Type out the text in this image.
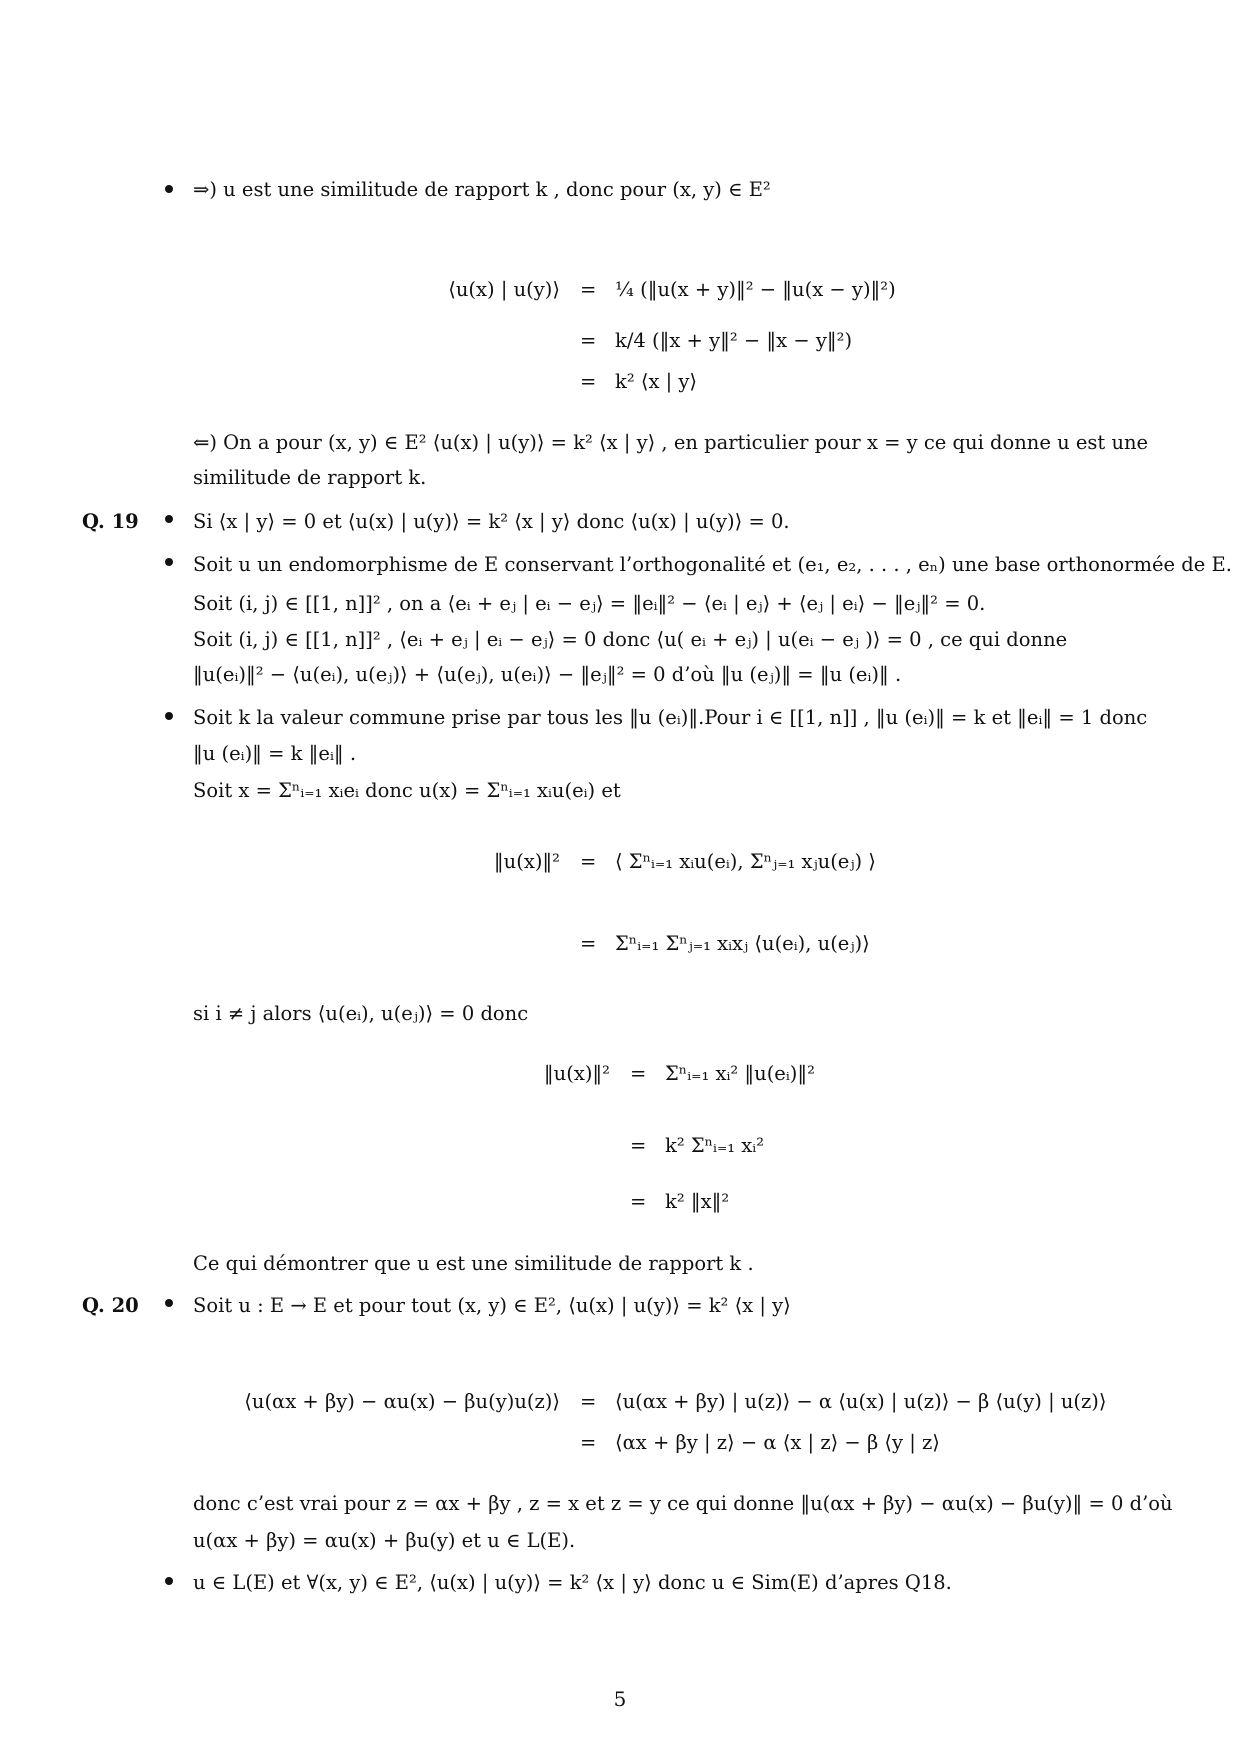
⇒) u est une similitude de rapport k , donc pour (x, y) ∈ E²
⟨u(x) | u(y)⟩ = ¼ (‖u(x + y)‖² − ‖u(x − y)‖²)
= k/4 (‖x + y‖² − ‖x − y‖²)
= k² ⟨x | y⟩
⇐) On a pour (x, y) ∈ E² ⟨u(x) | u(y)⟩ = k² ⟨x | y⟩ , en particulier pour x = y ce qui donne u est une
similitude de rapport k.
Q. 19	Si ⟨x | y⟩ = 0 et ⟨u(x) | u(y)⟩ = k² ⟨x | y⟩ donc ⟨u(x) | u(y)⟩ = 0.
Soit u un endomorphisme de E conservant l’orthogonalité et (e₁, e₂, . . . , eₙ) une base orthonormée de E.
Soit (i, j) ∈ [[1, n]]² , on a ⟨eᵢ + eⱼ | eᵢ − eⱼ⟩ = ‖eᵢ‖² − ⟨eᵢ | eⱼ⟩ + ⟨eⱼ | eᵢ⟩ − ‖eⱼ‖² = 0.
Soit (i, j) ∈ [[1, n]]² , ⟨eᵢ + eⱼ | eᵢ − eⱼ⟩ = 0 donc ⟨u( eᵢ + eⱼ) | u(eᵢ − eⱼ )⟩ = 0 , ce qui donne
‖u(eᵢ)‖² − ⟨u(eᵢ), u(eⱼ)⟩ + ⟨u(eⱼ), u(eᵢ)⟩ − ‖eⱼ‖² = 0 d’où ‖u (eⱼ)‖ = ‖u (eᵢ)‖ .
Soit k la valeur commune prise par tous les ‖u (eᵢ)‖.Pour i ∈ [[1, n]] , ‖u (eᵢ)‖ = k et ‖eᵢ‖ = 1 donc
‖u (eᵢ)‖ = k ‖eᵢ‖ .
Soit x = Σⁿᵢ₌₁ xᵢeᵢ donc u(x) = Σⁿᵢ₌₁ xᵢu(eᵢ) et
‖u(x)‖² = ⟨ Σⁿᵢ₌₁ xᵢu(eᵢ), Σⁿⱼ₌₁ xⱼu(eⱼ) ⟩
= Σⁿᵢ₌₁ Σⁿⱼ₌₁ xᵢxⱼ ⟨u(eᵢ), u(eⱼ)⟩
si i ≠ j alors ⟨u(eᵢ), u(eⱼ)⟩ = 0 donc
‖u(x)‖² = Σⁿᵢ₌₁ xᵢ² ‖u(eᵢ)‖²
= k² Σⁿᵢ₌₁ xᵢ²
= k² ‖x‖²
Ce qui démontrer que u est une similitude de rapport k .
Q. 20	Soit u : E → E et pour tout (x, y) ∈ E², ⟨u(x) | u(y)⟩ = k² ⟨x | y⟩
⟨u(αx + βy) − αu(x) − βu(y)u(z)⟩ = ⟨u(αx + βy) | u(z)⟩ − α ⟨u(x) | u(z)⟩ − β ⟨u(y) | u(z)⟩
= ⟨αx + βy | z⟩ − α ⟨x | z⟩ − β ⟨y | z⟩
donc c’est vrai pour z = αx + βy , z = x et z = y ce qui donne ‖u(αx + βy) − αu(x) − βu(y)‖ = 0 d’où
u(αx + βy) = αu(x) + βu(y) et u ∈ L(E).
u ∈ L(E) et ∀(x, y) ∈ E², ⟨u(x) | u(y)⟩ = k² ⟨x | y⟩ donc u ∈ Sim(E) d’apres Q18.
5
